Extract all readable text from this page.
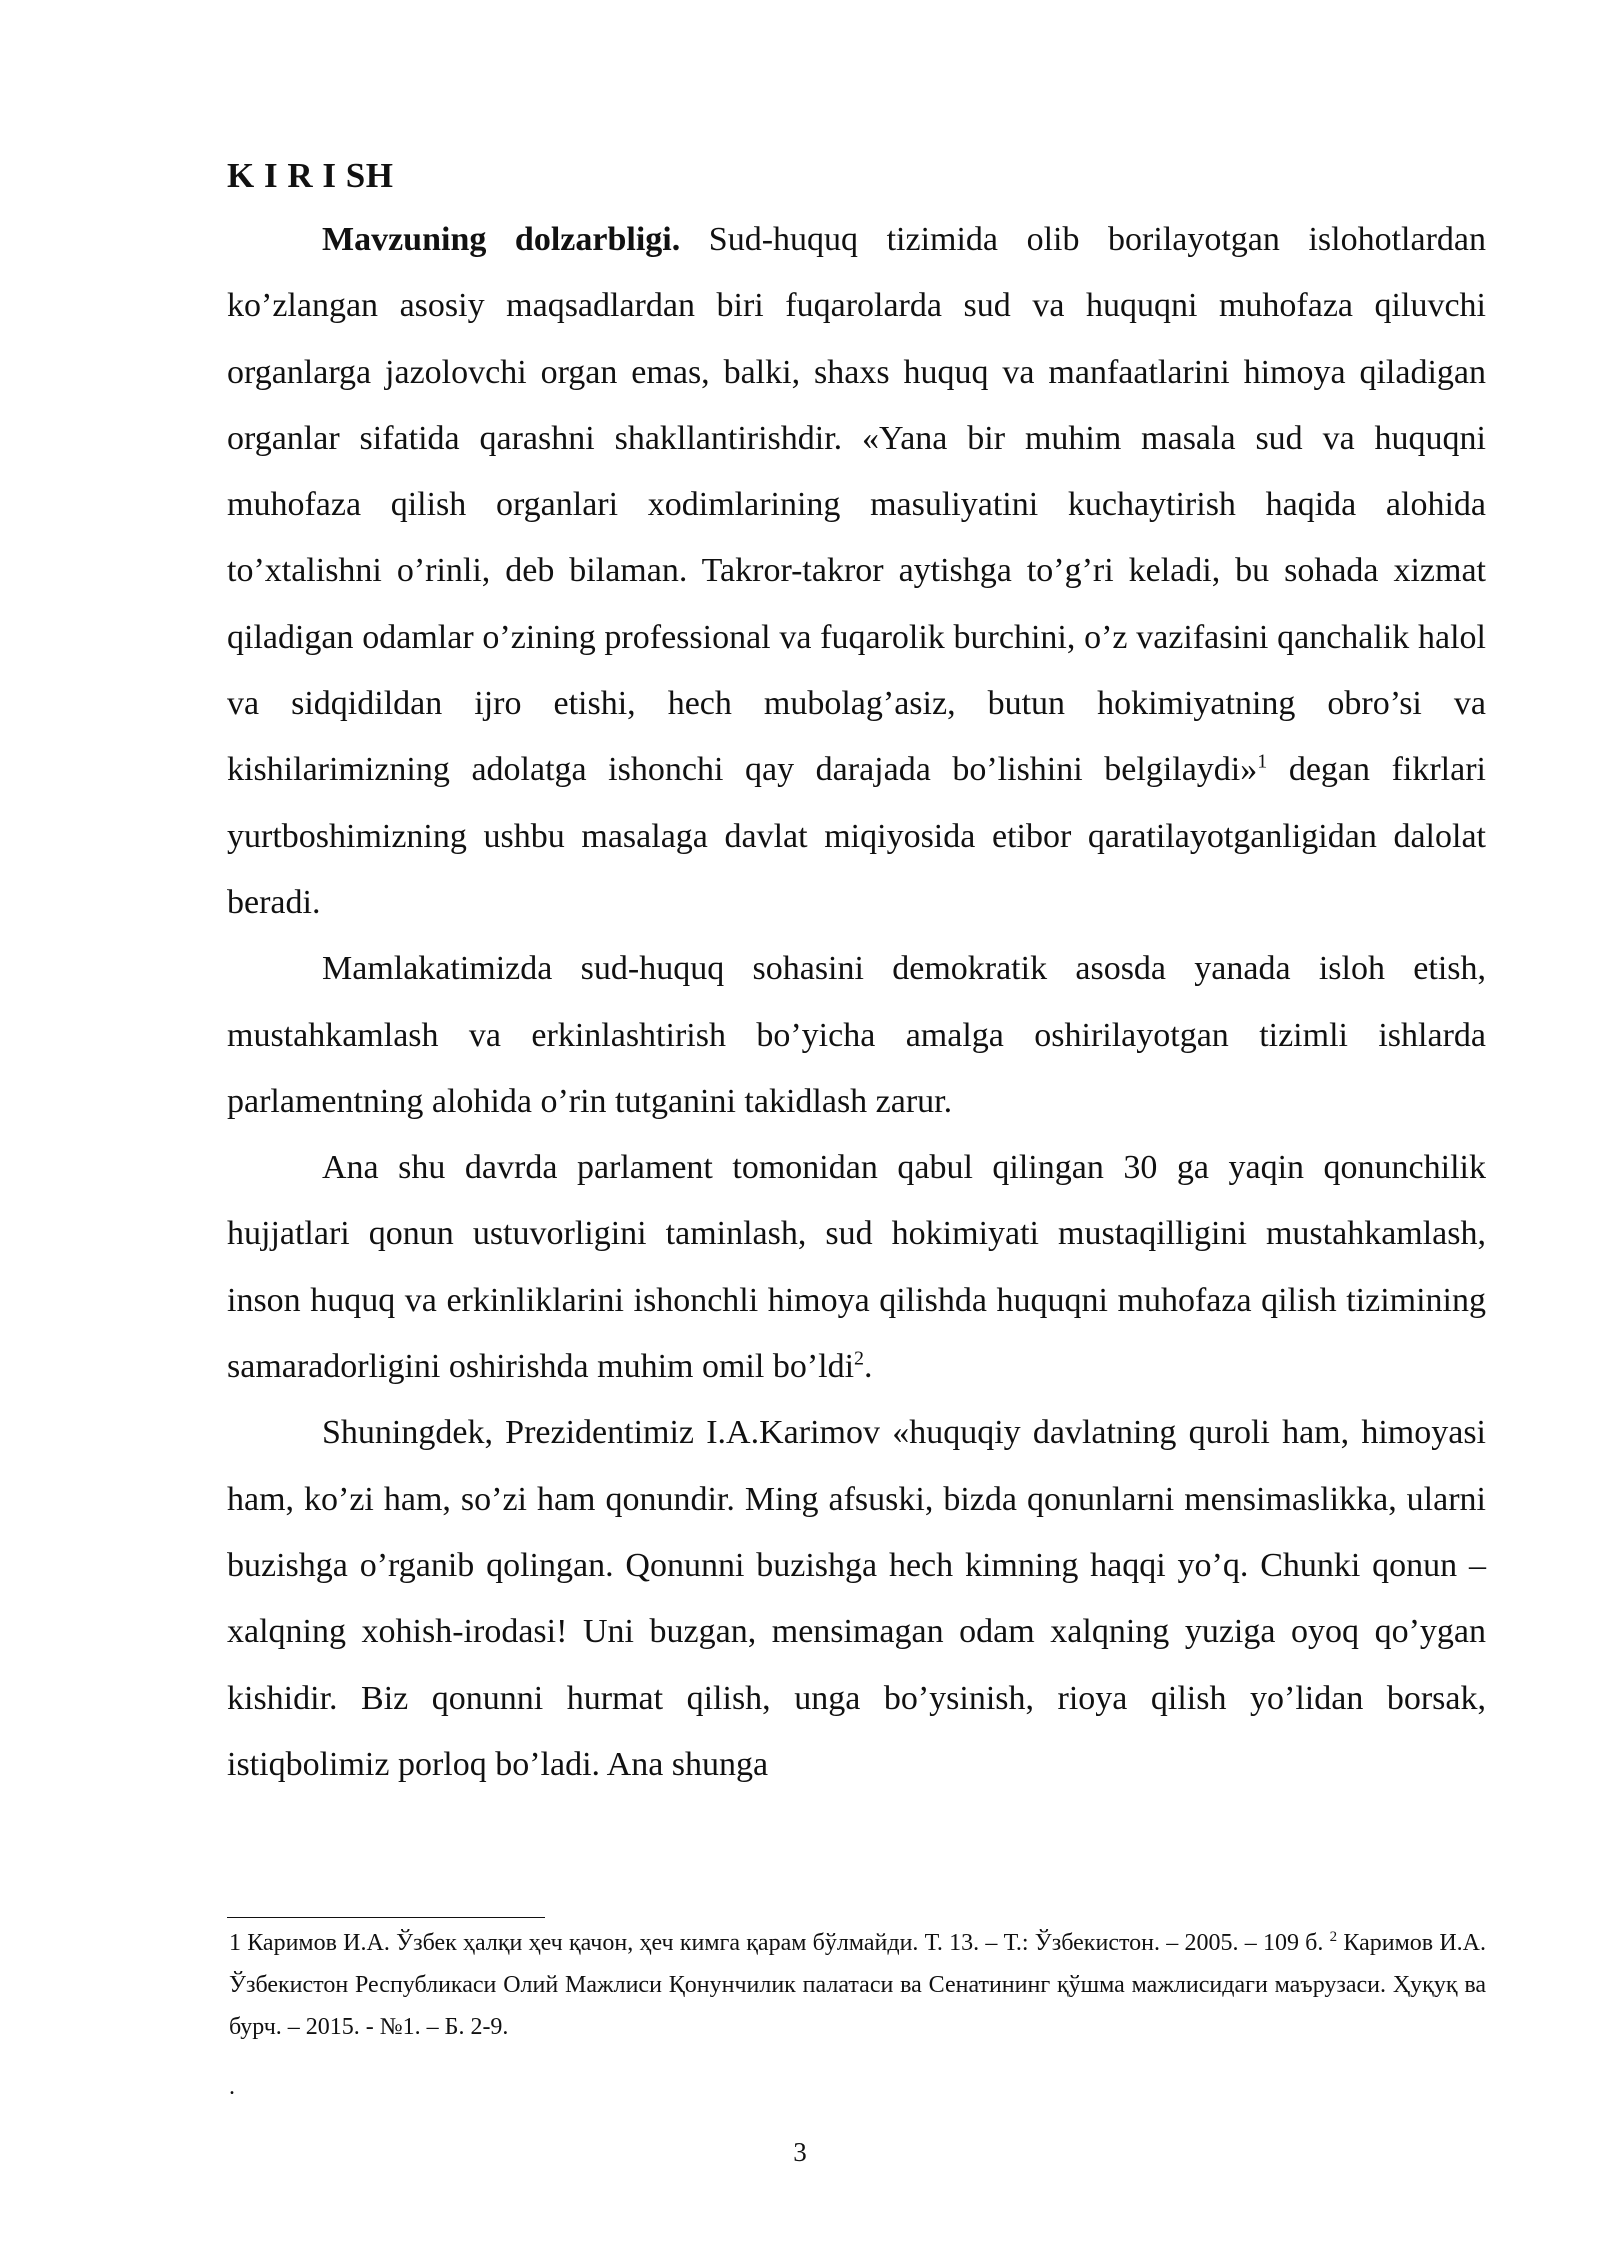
K I R I SH

Mavzuning dolzarbligi. Sud-huquq tizimida olib borilayotgan islohotlardan ko’zlangan asosiy maqsadlardan biri fuqarolarda sud va huquqni muhofaza qiluvchi organlarga jazolovchi organ emas, balki, shaxs huquq va manfaatlarini himoya qiladigan organlar sifatida qarashni shakllantirishdir. «Yana bir muhim masala sud va huquqni muhofaza qilish organlari xodimlarining masuliyatini kuchaytirish haqida alohida to’xtalishni o’rinli, deb bilaman. Takror-takror aytishga to’g’ri keladi, bu sohada xizmat qiladigan odamlar o’zining professional va fuqarolik burchini, o’z vazifasini qanchalik halol va sidqidildan ijro etishi, hech mubolag’asiz, butun hokimiyatning obro’si va kishilarimizning adolatga ishonchi qay darajada bo’lishini belgilaydi»$^1$ degan fikrlari yurtboshimizning ushbu masalaga davlat miqiyosida etibor qaratilayotganligidan dalolat beradi.

Mamlakatimizda sud-huquq sohasini demokratik asosda yanada isloh etish, mustahkamlash va erkinlashtirish bo’yicha amalga oshirilayotgan tizimli ishlarda parlamentning alohida o’rin tutganini takidlash zarur.

Ana shu davrda parlament tomonidan qabul qilingan 30 ga yaqin qonunchilik hujjatlari qonun ustuvorligini taminlash, sud hokimiyati mustaqilligini mustahkamlash, inson huquq va erkinliklarini ishonchli himoya qilishda huquqni muhofaza qilish tizimining samaradorligini oshirishda muhim omil bo’ldi$^2$.

Shuningdek, Prezidentimiz I.A.Karimov «huquqiy davlatning quroli ham, himoyasi ham, ko’zi ham, so’zi ham qonundir. Ming afsuski, bizda qonunlarni mensimaslikka, ularni buzishga o’rganib qolingan. Qonunni buzishga hech kimning haqqi yo’q. Chunki qonun – xalqning xohish-irodasi! Uni buzgan, mensimagan odam xalqning yuziga oyoq qo’ygan kishidir. Biz qonunni hurmat qilish, unga bo’ysinish, rioya qilish yo’lidan borsak, istiqbolimiz porloq bo’ladi. Ana shunga

1 Каримов И.А. Ўзбек ҳалқи ҳеч қачон, ҳеч кимга қарам бўлмайди. Т. 13. – Т.: Ўзбекистон. – 2005. – 109 б. $^2$ Каримов И.А. Ўзбекистон Республикаси Олий Мажлиси Қонунчилик палатаси ва Сенатининг қўшма мажлисидаги маърузаси. Ҳуқуқ ва бурч. – 2015. - №1. – Б. 2-9.
.
3
